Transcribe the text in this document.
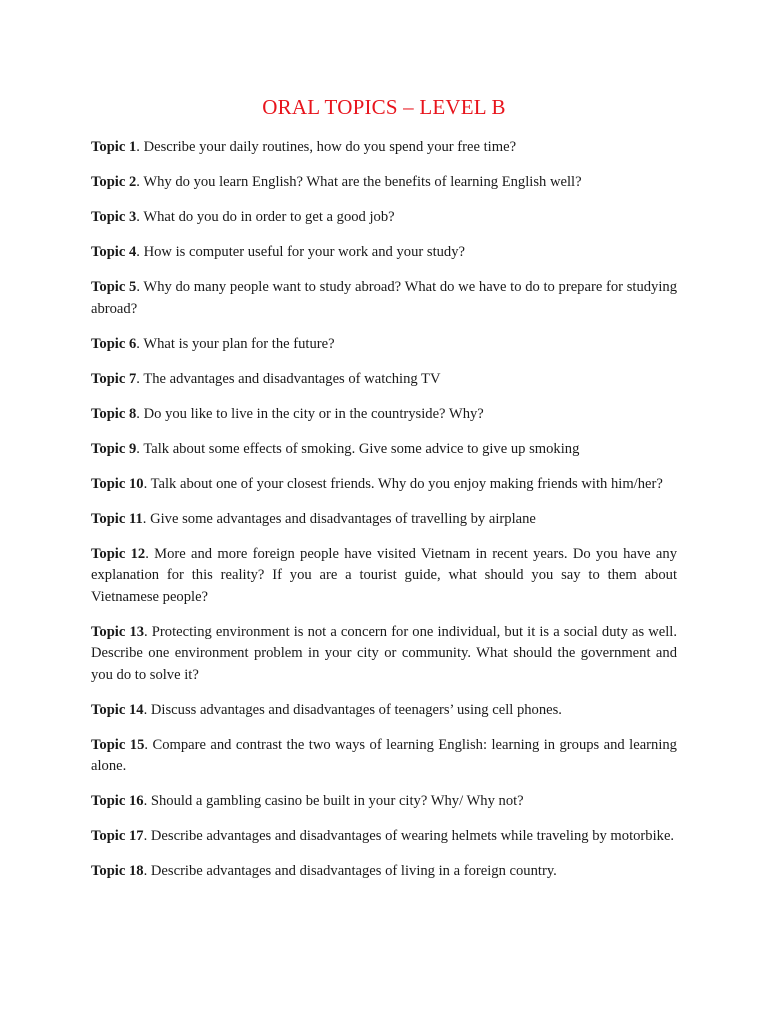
ORAL TOPICS – LEVEL B
Topic 1. Describe your daily routines, how do you spend your free time?
Topic 2. Why do you learn English? What are the benefits of learning English well?
Topic 3. What do you do in order to get a good job?
Topic 4. How is computer useful for your work and your study?
Topic 5. Why do many people want to study abroad? What do we have to do to prepare for studying abroad?
Topic 6. What is your plan for the future?
Topic 7. The advantages and disadvantages of watching TV
Topic 8. Do you like to live in the city or in the countryside? Why?
Topic 9. Talk about some effects of smoking. Give some advice to give up smoking
Topic 10. Talk about one of your closest friends. Why do you enjoy making friends with him/her?
Topic 11. Give some advantages and disadvantages of travelling by airplane
Topic 12. More and more foreign people have visited Vietnam in recent years. Do you have any explanation for this reality? If you are a tourist guide, what should you say to them about Vietnamese people?
Topic 13. Protecting environment is not a concern for one individual, but it is a social duty as well. Describe one environment problem in your city or community. What should the government and you do to solve it?
Topic 14. Discuss advantages and disadvantages of teenagers’ using cell phones.
Topic 15. Compare and contrast the two ways of learning English: learning in groups and learning alone.
Topic 16. Should a gambling casino be built in your city? Why/ Why not?
Topic 17. Describe advantages and disadvantages of wearing helmets while traveling by motorbike.
Topic 18. Describe advantages and disadvantages of living in a foreign country.
